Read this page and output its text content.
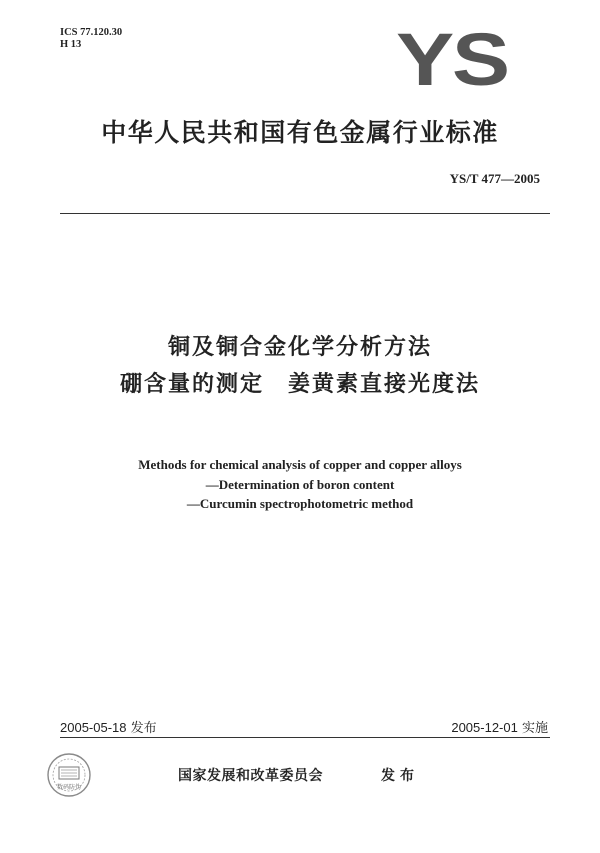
ICS 77.120.30
H 13	YS
中华人民共和国有色金属行业标准
YS/T 477—2005
铜及铜合金化学分析方法
硼含量的测定　姜黄素直接光度法
Methods for chemical analysis of copper and copper alloys
—Determination of boron content
—Curcumin spectrophotometric method
2005-05-18 发布	2005-12-01 实施
数码防伪
国家发展和改革委员会	发布
